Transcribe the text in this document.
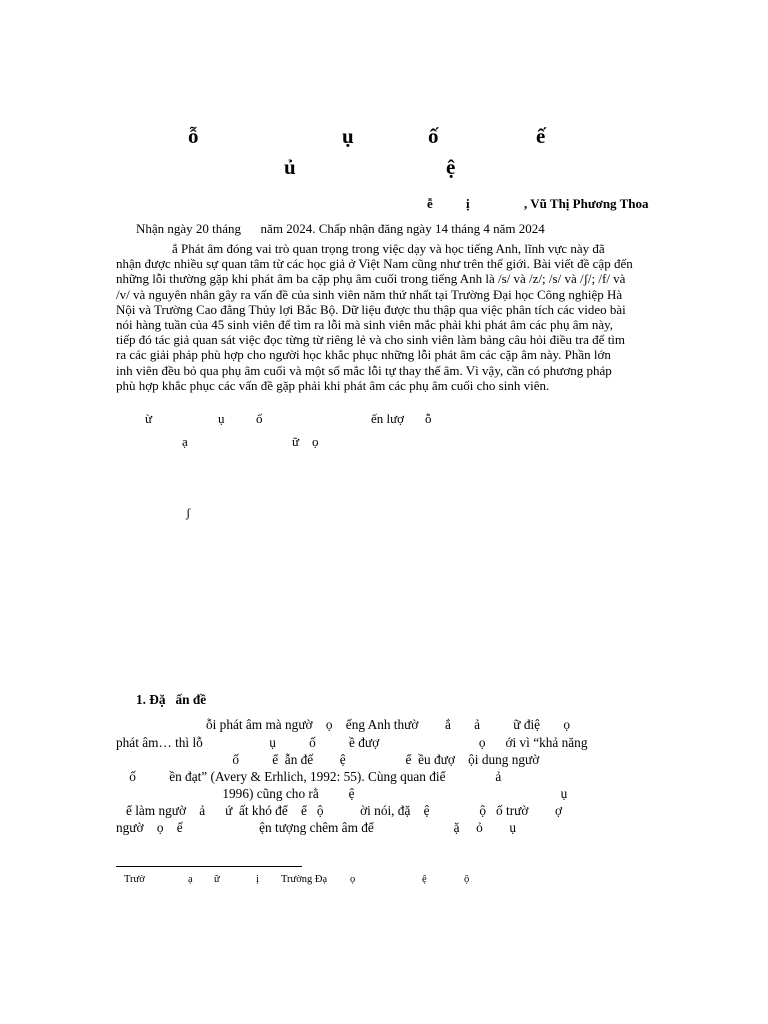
ỗ	ụ	ố	ế
ủ	ệ
ễ	ị	, Vũ Thị Phương Thoa
Nhận ngày 20 tháng      năm 2024. Chấp nhận đăng ngày 14 tháng 4 năm 2024

ắ Phát âm đóng vai trò quan trọng trong việc dạy và học tiếng Anh, lĩnh vực này đã
nhận được nhiều sự quan tâm từ các học giả ở Việt Nam cũng như trên thế giới. Bài viết đề cập đến
những lỗi thường gặp khi phát âm ba cặp phụ âm cuối trong tiếng Anh là /s/ và /z/; /s/ và /ʃ/; /f/ và
/v/ và nguyên nhân gây ra vấn đề của sinh viên năm thứ nhất tại Trường Đại học Công nghiệp Hà
Nội và Trường Cao đẳng Thủy lợi Bắc Bộ. Dữ liệu được thu thập qua việc phân tích các video bài
nói hàng tuần của 45 sinh viên để tìm ra lỗi mà sinh viên mắc phải khi phát âm các phụ âm này,
tiếp đó tác giả quan sát việc đọc từng từ riêng lẻ và cho sinh viên làm bảng câu hỏi điều tra để tìm
ra các giải pháp phù hợp cho người học khắc phục những lỗi phát âm các cặp âm này. Phần lớn
inh viên đều bỏ qua phụ âm cuối và một số mắc lỗi tự thay thế âm. Vì vậy, cần có phương pháp
phù hợp khắc phục các vấn đề gặp phải khi phát âm các phụ âm cuối cho sinh viên.

ừ	ụ ố	ến lượ ỗ
ạ	ữ ọ
ʃ
1. Đặ   ấn đề
ỗi phát âm mà ngườ    ọ    ếng Anh thườ        ắ       ả          ữ điệ       ọ
phát âm… thì lỗ                    ụ          ố          ề đượ                              ọ      ới vì “khả năng
ố          ể  ẫn đế        ệ                  ể  ều đượ    ội dung ngườ
ố          ền đạt” (Avery & Erhlich, 1992: 55). Cùng quan điể               ả
1996) cũng cho rằ         ệ                                                              ụ
ể làm ngườ    ả      ứ  ất khó để    ể   ộ           ời nói, đặ    ệ               ộ   ố trườ        ợ
ngườ    ọ    ế                       ện tượng chêm âm để                        ặ     ỏ        ụ
Trườ	ạ ữ	ị Trường Đạ ọ	ệ	ộ
